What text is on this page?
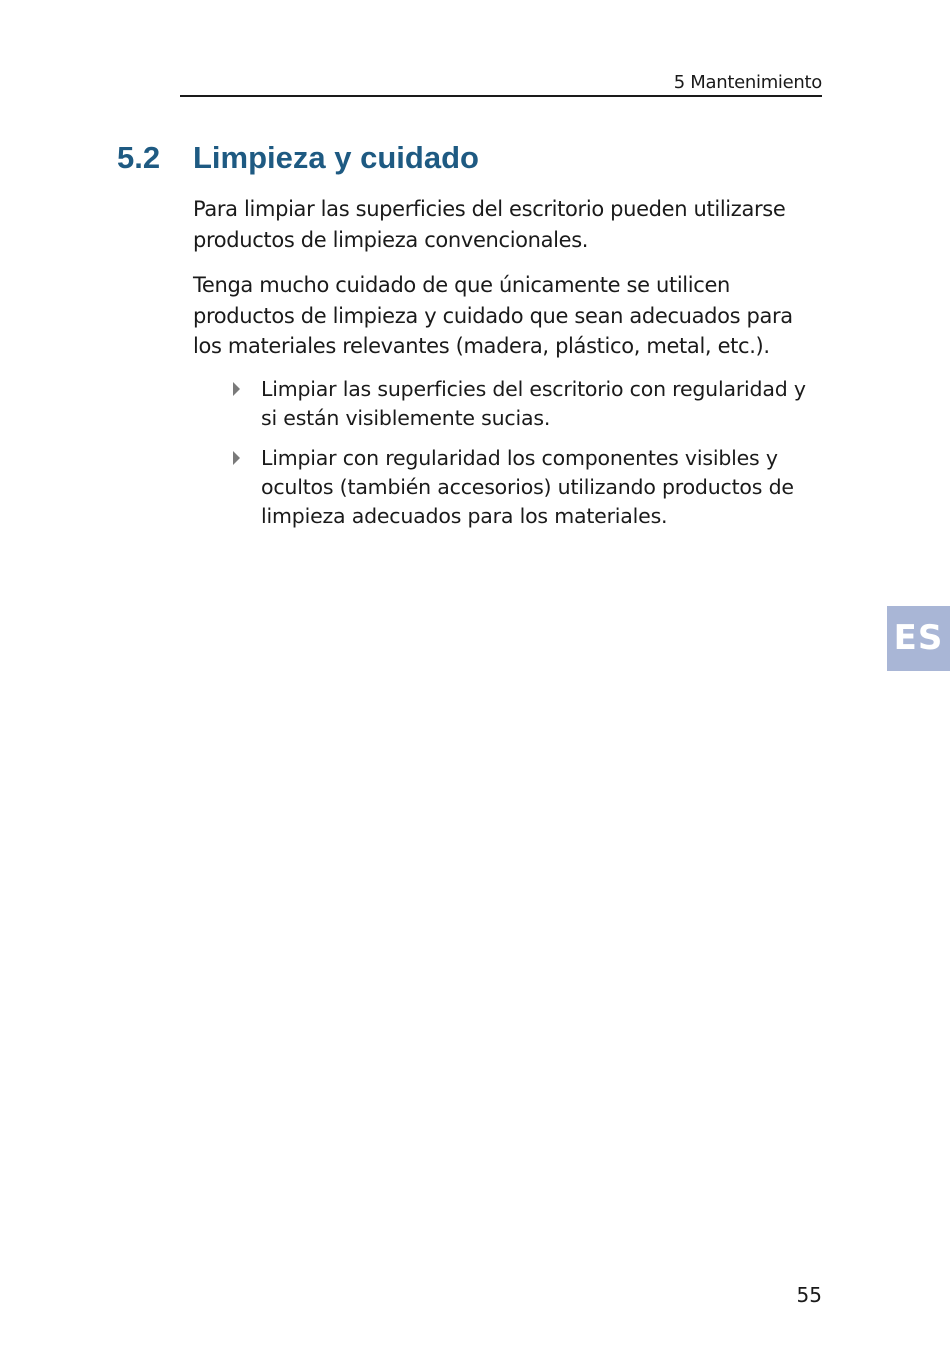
5 Mantenimiento
5.2 Limpieza y cuidado

Para limpiar las superficies del escritorio pueden utilizarse productos de limpieza convencionales.

Tenga mucho cuidado de que únicamente se utilicen productos de limpieza y cuidado que sean adecuados para los materiales relevantes (madera, plástico, metal, etc.).

Limpiar las superficies del escritorio con regularidad y si están visiblemente sucias.
Limpiar con regularidad los componentes visibles y ocultos (también accesorios) utilizando productos de limpieza adecuados para los materiales.
ES
55
